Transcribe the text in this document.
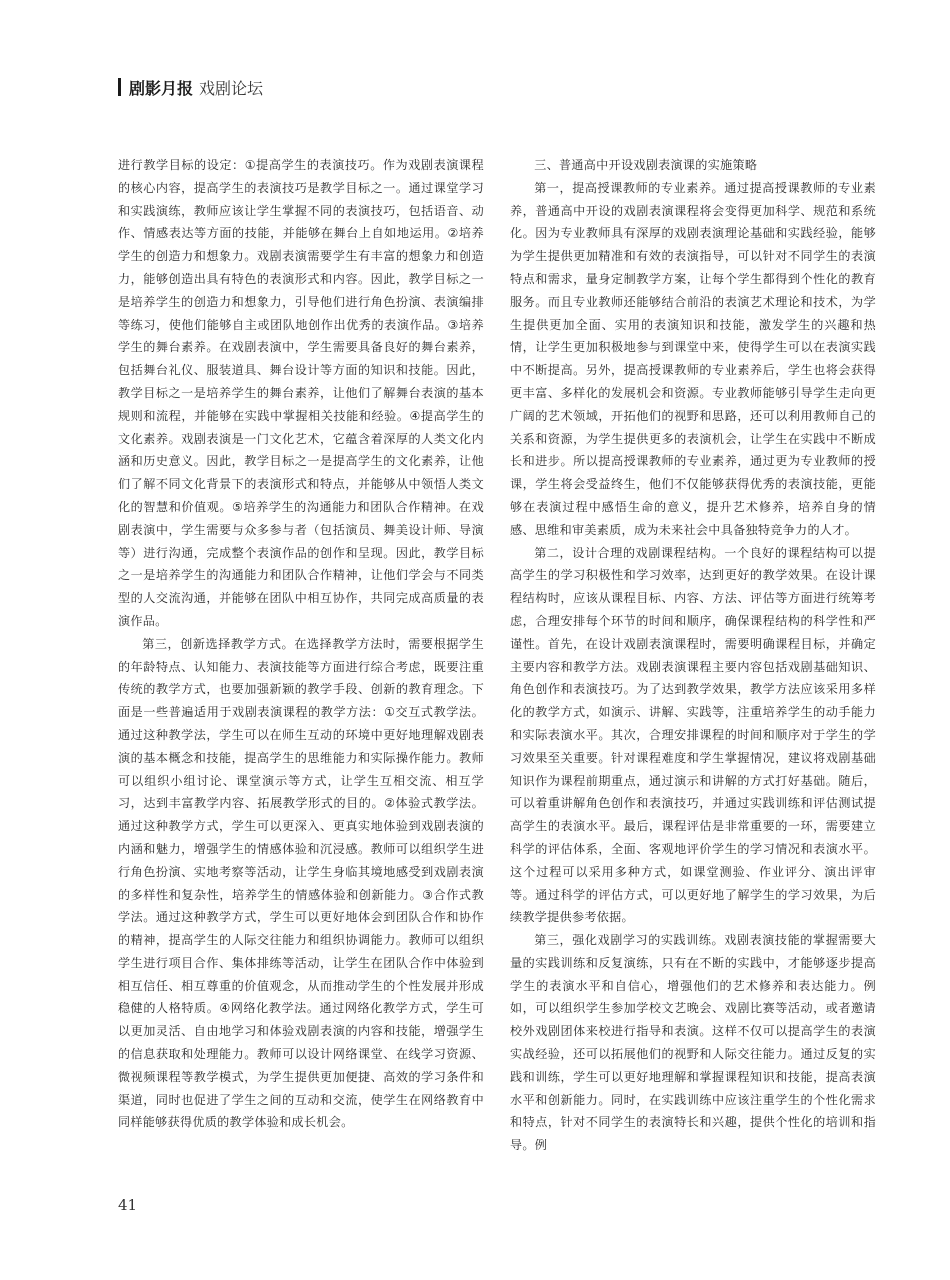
剧影月报 戏剧论坛

进行教学目标的设定：①提高学生的表演技巧。作为戏剧表演课程的核心内容，提高学生的表演技巧是教学目标之一。通过课堂学习和实践演练，教师应该让学生掌握不同的表演技巧，包括语音、动作、情感表达等方面的技能，并能够在舞台上自如地运用。②培养学生的创造力和想象力。戏剧表演需要学生有丰富的想象力和创造力，能够创造出具有特色的表演形式和内容。因此，教学目标之一是培养学生的创造力和想象力，引导他们进行角色扮演、表演编排等练习，使他们能够自主或团队地创作出优秀的表演作品。③培养学生的舞台素养。在戏剧表演中，学生需要具备良好的舞台素养，包括舞台礼仪、服装道具、舞台设计等方面的知识和技能。因此，教学目标之一是培养学生的舞台素养，让他们了解舞台表演的基本规则和流程，并能够在实践中掌握相关技能和经验。④提高学生的文化素养。戏剧表演是一门文化艺术，它蕴含着深厚的人类文化内涵和历史意义。因此，教学目标之一是提高学生的文化素养，让他们了解不同文化背景下的表演形式和特点，并能够从中领悟人类文化的智慧和价值观。⑤培养学生的沟通能力和团队合作精神。在戏剧表演中，学生需要与众多参与者（包括演员、舞美设计师、导演等）进行沟通，完成整个表演作品的创作和呈现。因此，教学目标之一是培养学生的沟通能力和团队合作精神，让他们学会与不同类型的人交流沟通，并能够在团队中相互协作，共同完成高质量的表演作品。

第三，创新选择教学方式。在选择教学方法时，需要根据学生的年龄特点、认知能力、表演技能等方面进行综合考虑，既要注重传统的教学方式，也要加强新颖的教学手段、创新的教育理念。下面是一些普遍适用于戏剧表演课程的教学方法：①交互式教学法。通过这种教学法，学生可以在师生互动的环境中更好地理解戏剧表演的基本概念和技能，提高学生的思维能力和实际操作能力。教师可以组织小组讨论、课堂演示等方式，让学生互相交流、相互学习，达到丰富教学内容、拓展教学形式的目的。②体验式教学法。通过这种教学方式，学生可以更深入、更真实地体验到戏剧表演的内涵和魅力，增强学生的情感体验和沉浸感。教师可以组织学生进行角色扮演、实地考察等活动，让学生身临其境地感受到戏剧表演的多样性和复杂性，培养学生的情感体验和创新能力。③合作式教学法。通过这种教学方式，学生可以更好地体会到团队合作和协作的精神，提高学生的人际交往能力和组织协调能力。教师可以组织学生进行项目合作、集体排练等活动，让学生在团队合作中体验到相互信任、相互尊重的价值观念，从而推动学生的个性发展并形成稳健的人格特质。④网络化教学法。通过网络化教学方式，学生可以更加灵活、自由地学习和体验戏剧表演的内容和技能，增强学生的信息获取和处理能力。教师可以设计网络课堂、在线学习资源、微视频课程等教学模式，为学生提供更加便捷、高效的学习条件和渠道，同时也促进了学生之间的互动和交流，使学生在网络教育中同样能够获得优质的教学体验和成长机会。

三、普通高中开设戏剧表演课的实施策略

第一，提高授课教师的专业素养。通过提高授课教师的专业素养，普通高中开设的戏剧表演课程将会变得更加科学、规范和系统化。因为专业教师具有深厚的戏剧表演理论基础和实践经验，能够为学生提供更加精准和有效的表演指导，可以针对不同学生的表演特点和需求，量身定制教学方案，让每个学生都得到个性化的教育服务。而且专业教师还能够结合前沿的表演艺术理论和技术，为学生提供更加全面、实用的表演知识和技能，激发学生的兴趣和热情，让学生更加积极地参与到课堂中来，使得学生可以在表演实践中不断提高。另外，提高授课教师的专业素养后，学生也将会获得更丰富、多样化的发展机会和资源。专业教师能够引导学生走向更广阔的艺术领域，开拓他们的视野和思路，还可以利用教师自己的关系和资源，为学生提供更多的表演机会，让学生在实践中不断成长和进步。所以提高授课教师的专业素养，通过更为专业教师的授课，学生将会受益终生，他们不仅能够获得优秀的表演技能，更能够在表演过程中感悟生命的意义，提升艺术修养，培养自身的情感、思维和审美素质，成为未来社会中具备独特竞争力的人才。

第二，设计合理的戏剧课程结构。一个良好的课程结构可以提高学生的学习积极性和学习效率，达到更好的教学效果。在设计课程结构时，应该从课程目标、内容、方法、评估等方面进行统筹考虑，合理安排每个环节的时间和顺序，确保课程结构的科学性和严谨性。首先，在设计戏剧表演课程时，需要明确课程目标，并确定主要内容和教学方法。戏剧表演课程主要内容包括戏剧基础知识、角色创作和表演技巧。为了达到教学效果，教学方法应该采用多样化的教学方式，如演示、讲解、实践等，注重培养学生的动手能力和实际表演水平。其次，合理安排课程的时间和顺序对于学生的学习效果至关重要。针对课程难度和学生掌握情况，建议将戏剧基础知识作为课程前期重点，通过演示和讲解的方式打好基础。随后，可以着重讲解角色创作和表演技巧，并通过实践训练和评估测试提高学生的表演水平。最后，课程评估是非常重要的一环，需要建立科学的评估体系，全面、客观地评价学生的学习情况和表演水平。这个过程可以采用多种方式，如课堂测验、作业评分、演出评审等。通过科学的评估方式，可以更好地了解学生的学习效果，为后续教学提供参考依据。

第三，强化戏剧学习的实践训练。戏剧表演技能的掌握需要大量的实践训练和反复演练，只有在不断的实践中，才能够逐步提高学生的表演水平和自信心，增强他们的艺术修养和表达能力。例如，可以组织学生参加学校文艺晚会、戏剧比赛等活动，或者邀请校外戏剧团体来校进行指导和表演。这样不仅可以提高学生的表演实战经验，还可以拓展他们的视野和人际交往能力。通过反复的实践和训练，学生可以更好地理解和掌握课程知识和技能，提高表演水平和创新能力。同时，在实践训练中应该注重学生的个性化需求和特点，针对不同学生的表演特长和兴趣，提供个性化的培训和指导。例

41
